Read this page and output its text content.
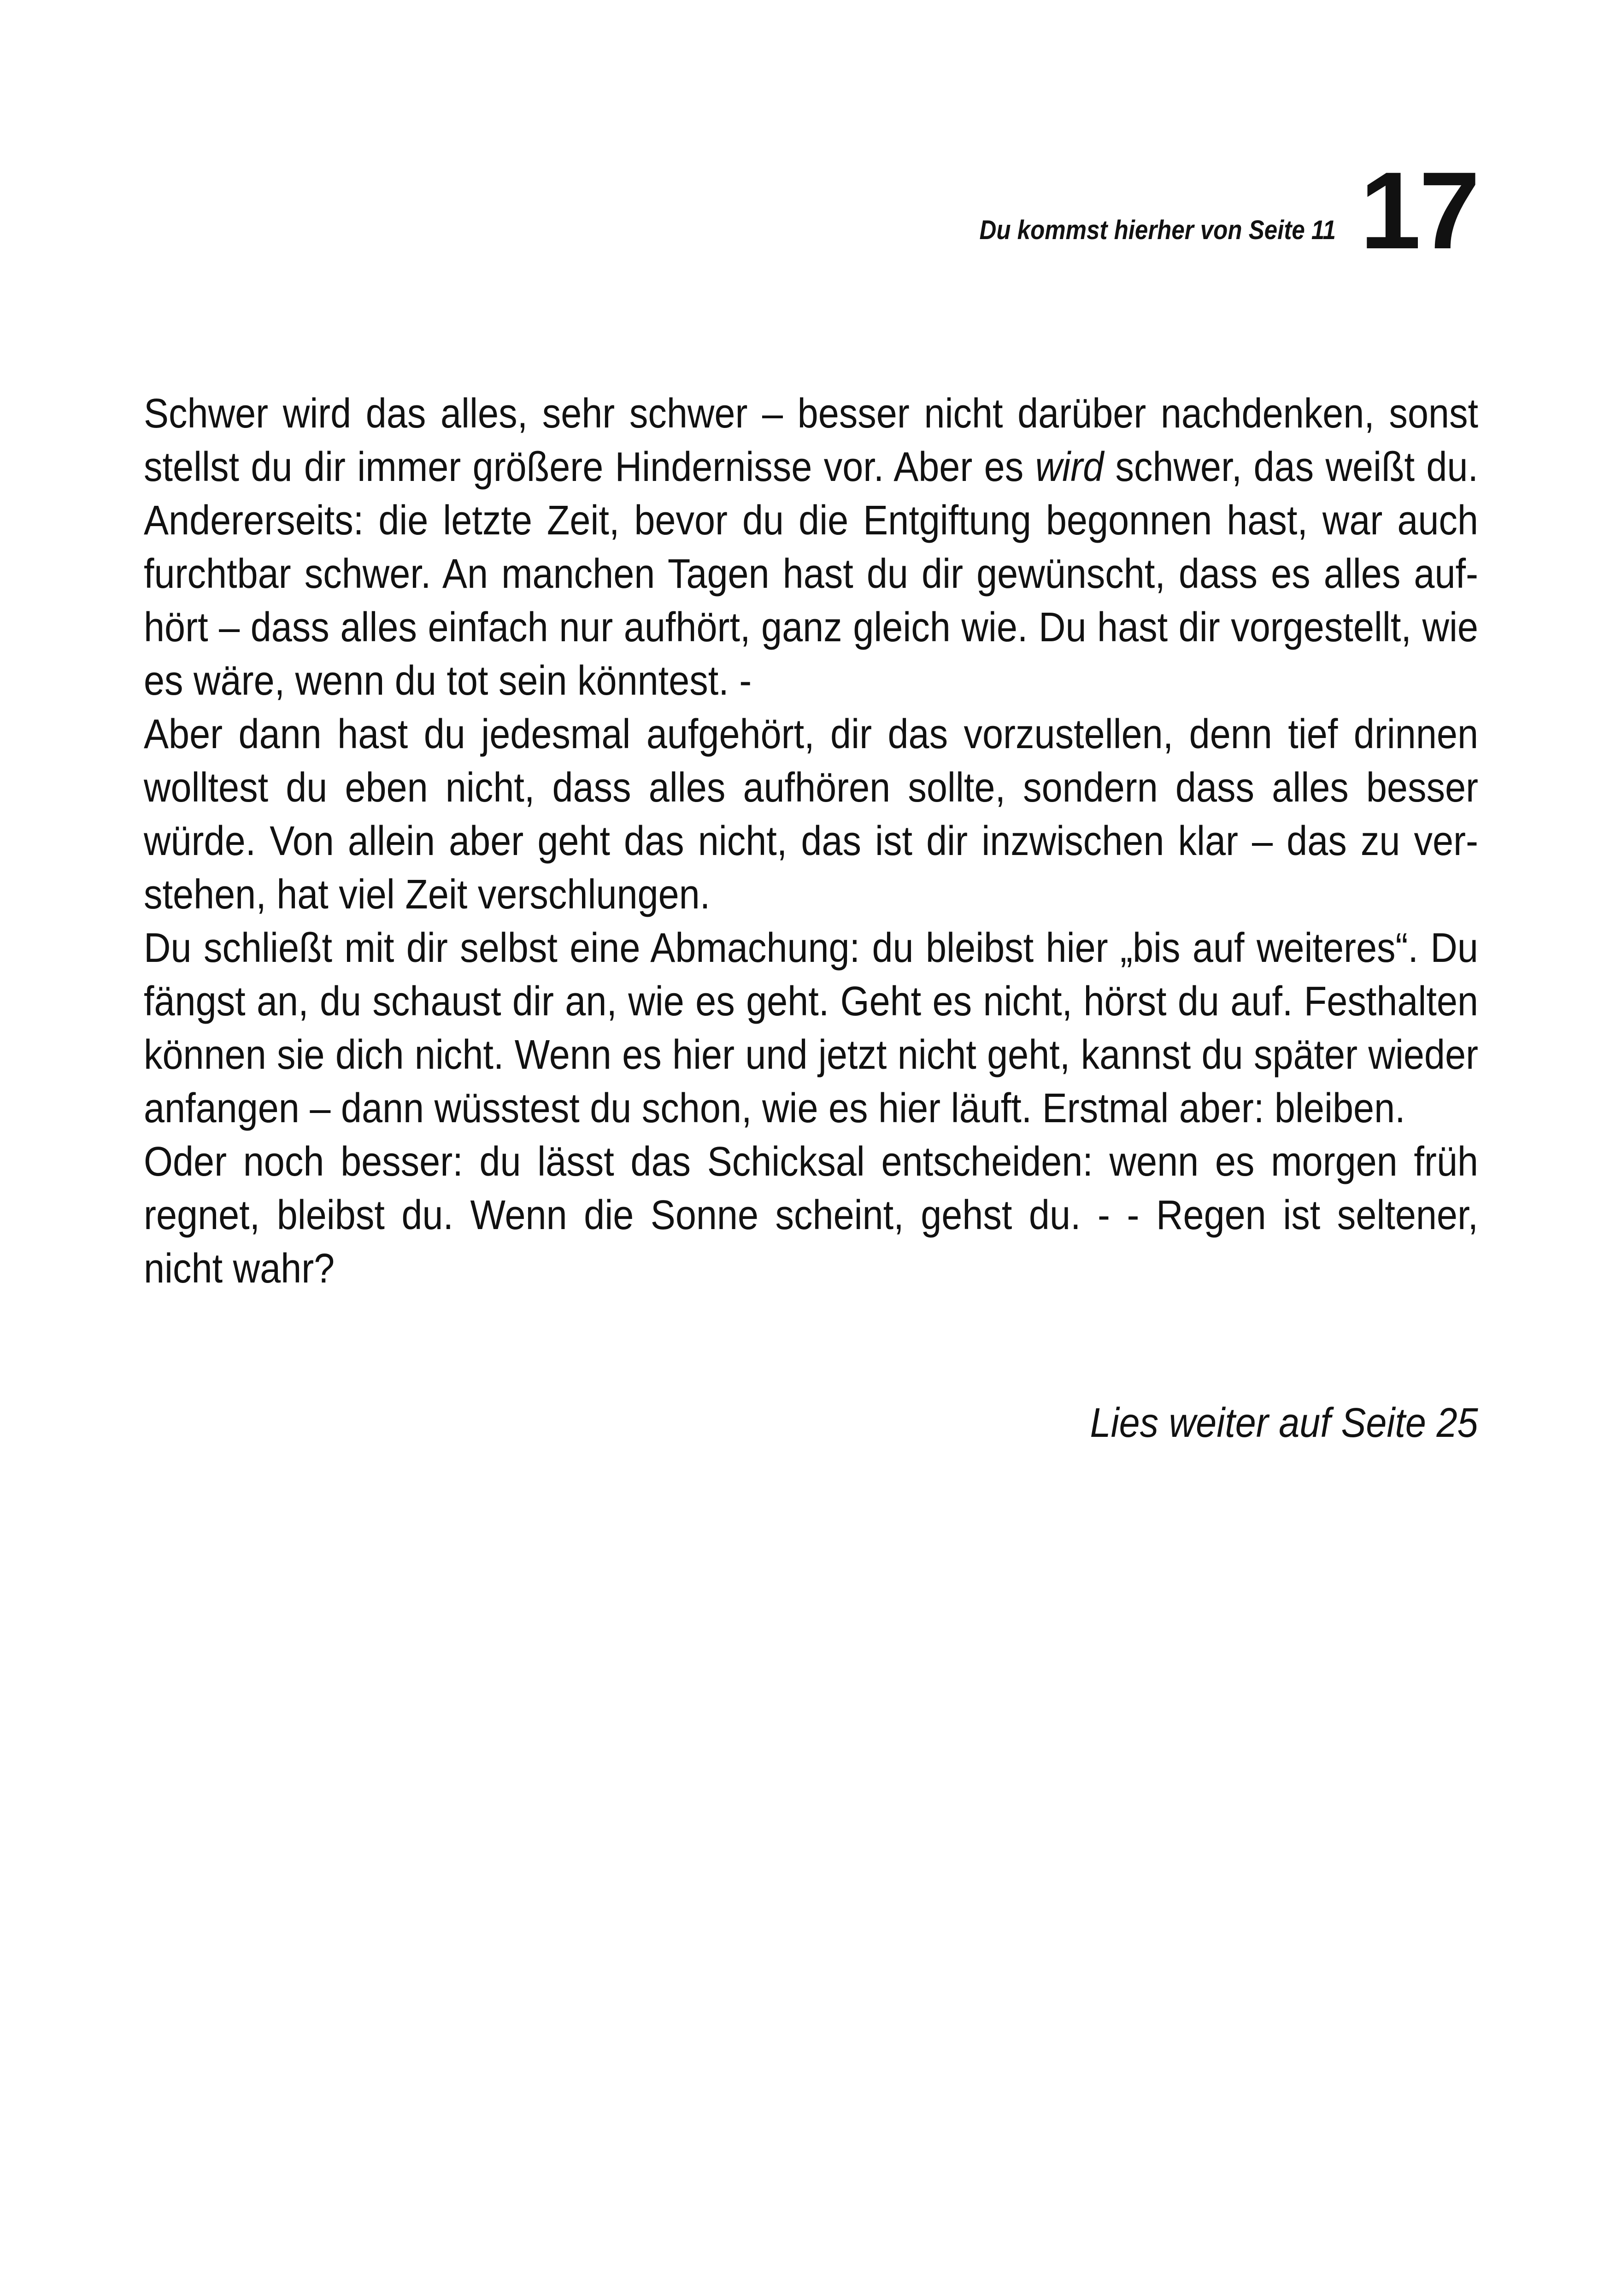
Du kommst hierher von Seite 11 17

Schwer wird das alles, sehr schwer – besser nicht darüber nachdenken, sonst stellst du dir immer größere Hindernisse vor. Aber es wird schwer, das weißt du. Andererseits: die letzte Zeit, bevor du die Entgiftung begonnen hast, war auch furchtbar schwer. An manchen Tagen hast du dir gewünscht, dass es alles aufhört – dass alles einfach nur aufhört, ganz gleich wie. Du hast dir vorgestellt, wie es wäre, wenn du tot sein könntest. -

Aber dann hast du jedesmal aufgehört, dir das vorzustellen, denn tief drinnen wolltest du eben nicht, dass alles aufhören sollte, sondern dass alles besser würde. Von allein aber geht das nicht, das ist dir inzwischen klar – das zu verstehen, hat viel Zeit verschlungen.

Du schließt mit dir selbst eine Abmachung: du bleibst hier „bis auf weiteres“. Du fängst an, du schaust dir an, wie es geht. Geht es nicht, hörst du auf. Festhalten können sie dich nicht. Wenn es hier und jetzt nicht geht, kannst du später wieder anfangen – dann wüsstest du schon, wie es hier läuft. Erstmal aber: bleiben.

Oder noch besser: du lässt das Schicksal entscheiden: wenn es morgen früh regnet, bleibst du. Wenn die Sonne scheint, gehst du. - - Regen ist seltener, nicht wahr?

Lies weiter auf Seite 25
